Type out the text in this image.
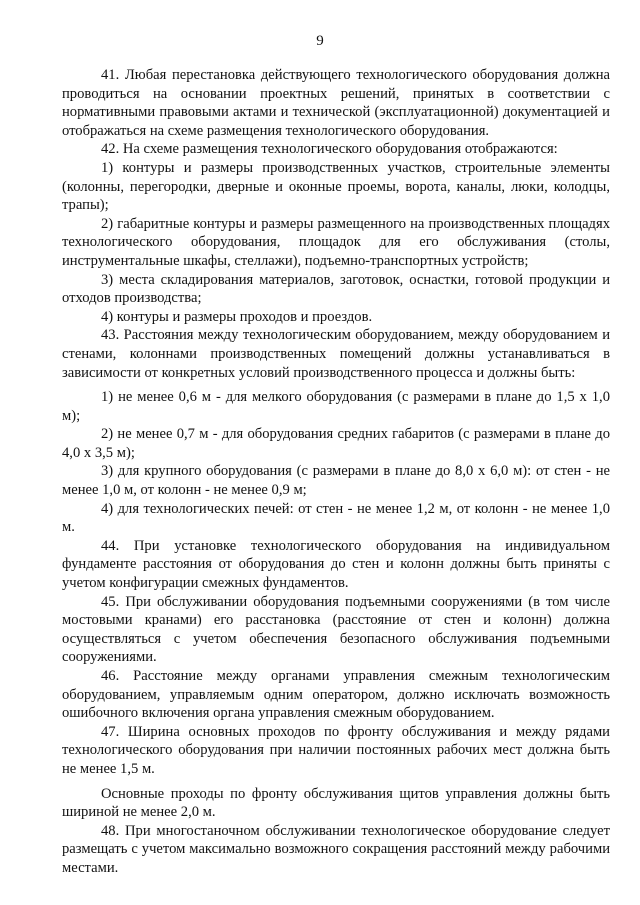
9

41. Любая перестановка действующего технологического оборудования должна проводиться на основании проектных решений, принятых в соответствии с нормативными правовыми актами и технической (эксплуатационной) документацией и отображаться на схеме размещения технологического оборудования.

42. На схеме размещения технологического оборудования отображаются:

1) контуры и размеры производственных участков, строительные элементы (колонны, перегородки, дверные и оконные проемы, ворота, каналы, люки, колодцы, трапы);

2) габаритные контуры и размеры размещенного на производственных площадях технологического оборудования, площадок для его обслуживания (столы, инструментальные шкафы, стеллажи), подъемно-транспортных устройств;

3) места складирования материалов, заготовок, оснастки, готовой продукции и отходов производства;

4) контуры и размеры проходов и проездов.

43. Расстояния между технологическим оборудованием, между оборудованием и стенами, колоннами производственных помещений должны устанавливаться в зависимости от конкретных условий производственного процесса и должны быть:

1) не менее 0,6 м - для мелкого оборудования (с размерами в плане до 1,5 х 1,0 м);

2) не менее 0,7 м - для оборудования средних габаритов (с размерами в плане до 4,0 х 3,5 м);

3) для крупного оборудования (с размерами в плане до 8,0 х 6,0 м): от стен - не менее 1,0 м, от колонн - не менее 0,9 м;

4) для технологических печей: от стен - не менее 1,2 м, от колонн - не менее 1,0 м.

44. При установке технологического оборудования на индивидуальном фундаменте расстояния от оборудования до стен и колонн должны быть приняты с учетом конфигурации смежных фундаментов.

45. При обслуживании оборудования подъемными сооружениями (в том числе мостовыми кранами) его расстановка (расстояние от стен и колонн) должна осуществляться с учетом обеспечения безопасного обслуживания подъемными сооружениями.

46. Расстояние между органами управления смежным технологическим оборудованием, управляемым одним оператором, должно исключать возможность ошибочного включения органа управления смежным оборудованием.

47. Ширина основных проходов по фронту обслуживания и между рядами технологического оборудования при наличии постоянных рабочих мест должна быть не менее 1,5 м.

Основные проходы по фронту обслуживания щитов управления должны быть шириной не менее 2,0 м.

48. При многостаночном обслуживании технологическое оборудование следует размещать с учетом максимально возможного сокращения расстояний между рабочими местами.
